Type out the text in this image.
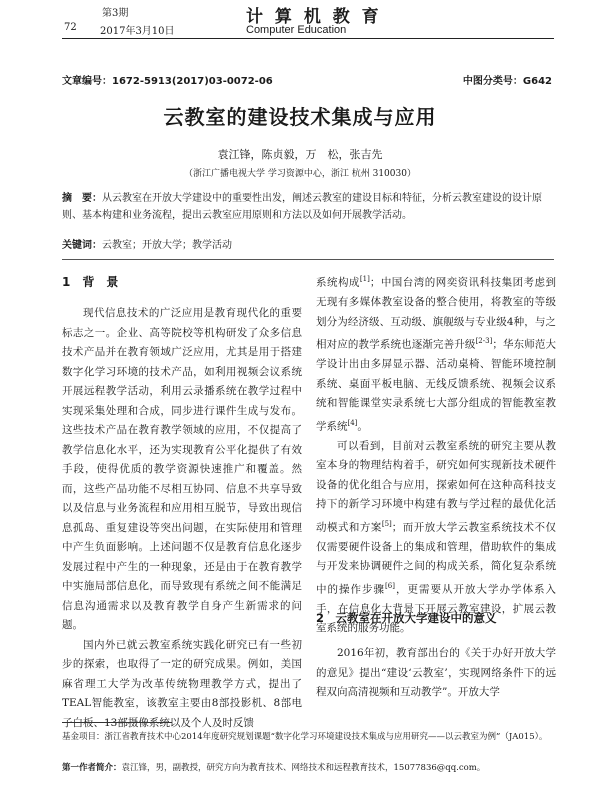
第3期
72 2017年3月10日
计 算 机 教 育
Computer Education
文章编号：1672-5913(2017)03-0072-06	中图分类号：G642
云教室的建设技术集成与应用
袁江锋，陈贞毅，万　松，张吉先
（浙江广播电视大学 学习资源中心，浙江 杭州 310030）
摘　要：从云教室在开放大学建设中的重要性出发，阐述云教室的建设目标和特征，分析云教室建设的设计原则、基本构建和业务流程，提出云教室应用原则和方法以及如何开展教学活动。
关键词：云教室；开放大学；教学活动
1　背　景

现代信息技术的广泛应用是教育现代化的重要标志之一。企业、高等院校等机构研发了众多信息技术产品并在教育领域广泛应用，尤其是用于搭建数字化学习环境的技术产品，如利用视频会议系统开展远程教学活动，利用云录播系统在教学过程中实现采集处理和合成，同步进行课件生成与发布。这些技术产品在教育教学领域的应用，不仅提高了教学信息化水平，还为实现教育公平化提供了有效手段，使得优质的教学资源快速推广和覆盖。然而，这些产品功能不尽相互协同、信息不共享导致以及信息与业务流程和应用相互脱节，导致出现信息孤岛、重复建设等突出问题，在实际使用和管理中产生负面影响。上述问题不仅是教育信息化逐步发展过程中产生的一种现象，还是由于在教育教学中实施局部信息化，而导致现有系统之间不能满足信息沟通需求以及教育教学自身产生新需求的问题。

国内外已就云教室系统实践化研究已有一些初步的探索，也取得了一定的研究成果。例如，美国麻省理工大学为改革传统物理教学方式，提出了TEAL智能教室，该教室主要由8部投影机、8部电子白板、13部摄像系统以及个人及时反馈

系统构成[1]；中国台湾的网奕资讯科技集团考虑到无现有多媒体教室设备的整合使用，将教室的等级划分为经济级、互动级、旗舰级与专业级4种，与之相对应的教学系统也逐渐完善升级[2-3]；华东师范大学设计出由多屏显示器、活动桌椅、智能环境控制系统、桌面平板电脑、无线反馈系统、视频会议系统和智能课堂实录系统七大部分组成的智能教室教学系统[4]。

可以看到，目前对云教室系统的研究主要从教室本身的物理结构着手，研究如何实现新技术硬件设备的优化组合与应用，探索如何在这种高科技支持下的新学习环境中构建有教与学过程的最优化活动模式和方案[5]；而开放大学云教室系统技术不仅仅需要硬件设备上的集成和管理，借助软件的集成与开发来协调硬件之间的构成关系，简化复杂系统中的操作步骤[6]，更需要从开放大学办学体系入手，在信息化大背景下开展云教室建设，扩展云教室系统的服务功能。

2　云教室在开放大学建设中的意义

2016年初，教育部出台的《关于办好开放大学的意见》提出“建设‘云教室’，实现网络条件下的远程双向高清视频和互动教学”。开放大学

基金项目：浙江省教育技术中心2014年度研究规划课题“数字化学习环境建设技术集成与应用研究——以云教室为例”（JA015）。
第一作者简介：袁江锋，男，副教授，研究方向为教育技术、网络技术和远程教育技术，15077836@qq.com。
